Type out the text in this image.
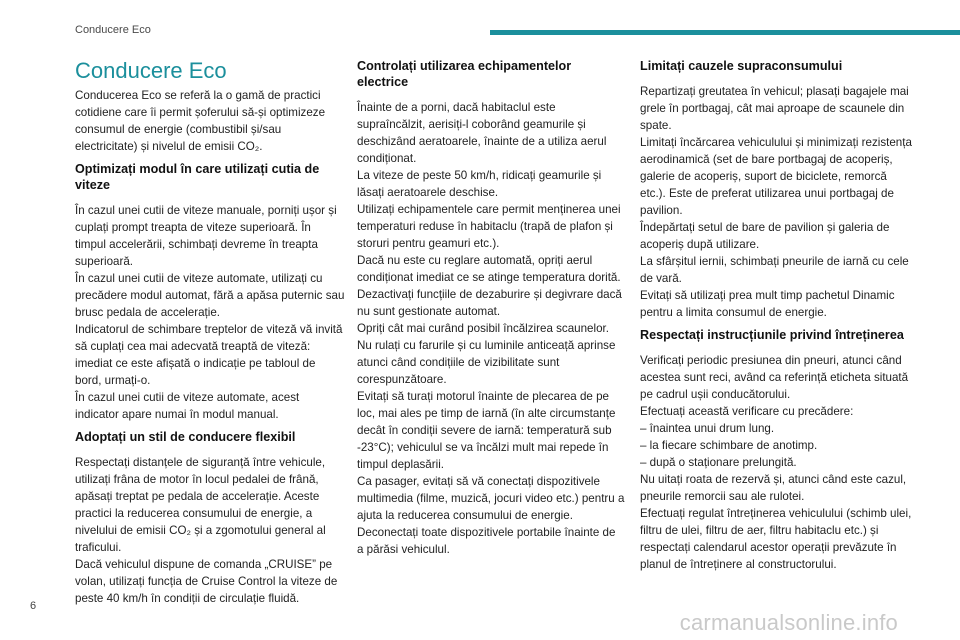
Conducere Eco
Conducere Eco

Conducerea Eco se referă la o gamă de practici cotidiene care îi permit șoferului să-și optimizeze consumul de energie (combustibil și/sau electricitate) și nivelul de emisii CO₂.

Optimizați modul în care utilizați cutia de viteze

În cazul unei cutii de viteze manuale, porniți ușor și cuplați prompt treapta de viteze superioară. În timpul accelerării, schimbați devreme în treapta superioară.
În cazul unei cutii de viteze automate, utilizați cu precădere modul automat, fără a apăsa puternic sau brusc pedala de accelerație.
Indicatorul de schimbare treptelor de viteză vă invită să cuplați cea mai adecvată treaptă de viteză: imediat ce este afișată o indicație pe tabloul de bord, urmați-o.
În cazul unei cutii de viteze automate, acest indicator apare numai în modul manual.

Adoptați un stil de conducere flexibil

Respectați distanțele de siguranță între vehicule, utilizați frâna de motor în locul pedalei de frână, apăsați treptat pe pedala de accelerație. Aceste practici la reducerea consumului de energie, a nivelului de emisii CO₂ și a zgomotului general al traficului.
Dacă vehiculul dispune de comanda „CRUISE” pe volan, utilizați funcția de Cruise Control la viteze de peste 40 km/h în condiții de circulație fluidă.

Controlați utilizarea echipamentelor electrice

Înainte de a porni, dacă habitaclul este supraîncălzit, aerisiți-l coborând geamurile și deschizând aeratoarele, înainte de a utiliza aerul condiționat.
La viteze de peste 50 km/h, ridicați geamurile și lăsați aeratoarele deschise.
Utilizați echipamentele care permit menținerea unei temperaturi reduse în habitaclu (trapă de plafon și storuri pentru geamuri etc.).
Dacă nu este cu reglare automată, opriți aerul condiționat imediat ce se atinge temperatura dorită.
Dezactivați funcțiile de dezaburire și degivrare dacă nu sunt gestionate automat.
Opriți cât mai curând posibil încălzirea scaunelor.
Nu rulați cu farurile și cu luminile anticeață aprinse atunci când condițiile de vizibilitate sunt corespunzătoare.
Evitați să turați motorul înainte de plecarea de pe loc, mai ales pe timp de iarnă (în alte circumstanțe decât în condiții severe de iarnă: temperatură sub -23°C); vehiculul se va încălzi mult mai repede în timpul deplasării.
Ca pasager, evitați să vă conectați dispozitivele multimedia (filme, muzică, jocuri video etc.) pentru a ajuta la reducerea consumului de energie.
Deconectați toate dispozitivele portabile înainte de a părăsi vehiculul.

Limitați cauzele supraconsumului

Repartizați greutatea în vehicul; plasați bagajele mai grele în portbagaj, cât mai aproape de scaunele din spate.
Limitați încărcarea vehiculului și minimizați rezistența aerodinamică (set de bare portbagaj de acoperiș, galerie de acoperiș, suport de biciclete, remorcă etc.). Este de preferat utilizarea unui portbagaj de pavilion.
Îndepărtați setul de bare de pavilion și galeria de acoperiș după utilizare.
La sfârșitul iernii, schimbați pneurile de iarnă cu cele de vară.
Evitați să utilizați prea mult timp pachetul Dinamic pentru a limita consumul de energie.

Respectați instrucțiunile privind întreținerea

Verificați periodic presiunea din pneuri, atunci când acestea sunt reci, având ca referință eticheta situată pe cadrul ușii conducătorului.
Efectuați această verificare cu precădere:
– înaintea unui drum lung.
– la fiecare schimbare de anotimp.
– după o staționare prelungită.
Nu uitați roata de rezervă și, atunci când este cazul, pneurile remorcii sau ale rulotei.
Efectuați regulat întreținerea vehiculului (schimb ulei, filtru de ulei, filtru de aer, filtru habitaclu etc.) și respectați calendarul acestor operații prevăzute în planul de întreținere al constructorului.

6
carmanualsonline.info
